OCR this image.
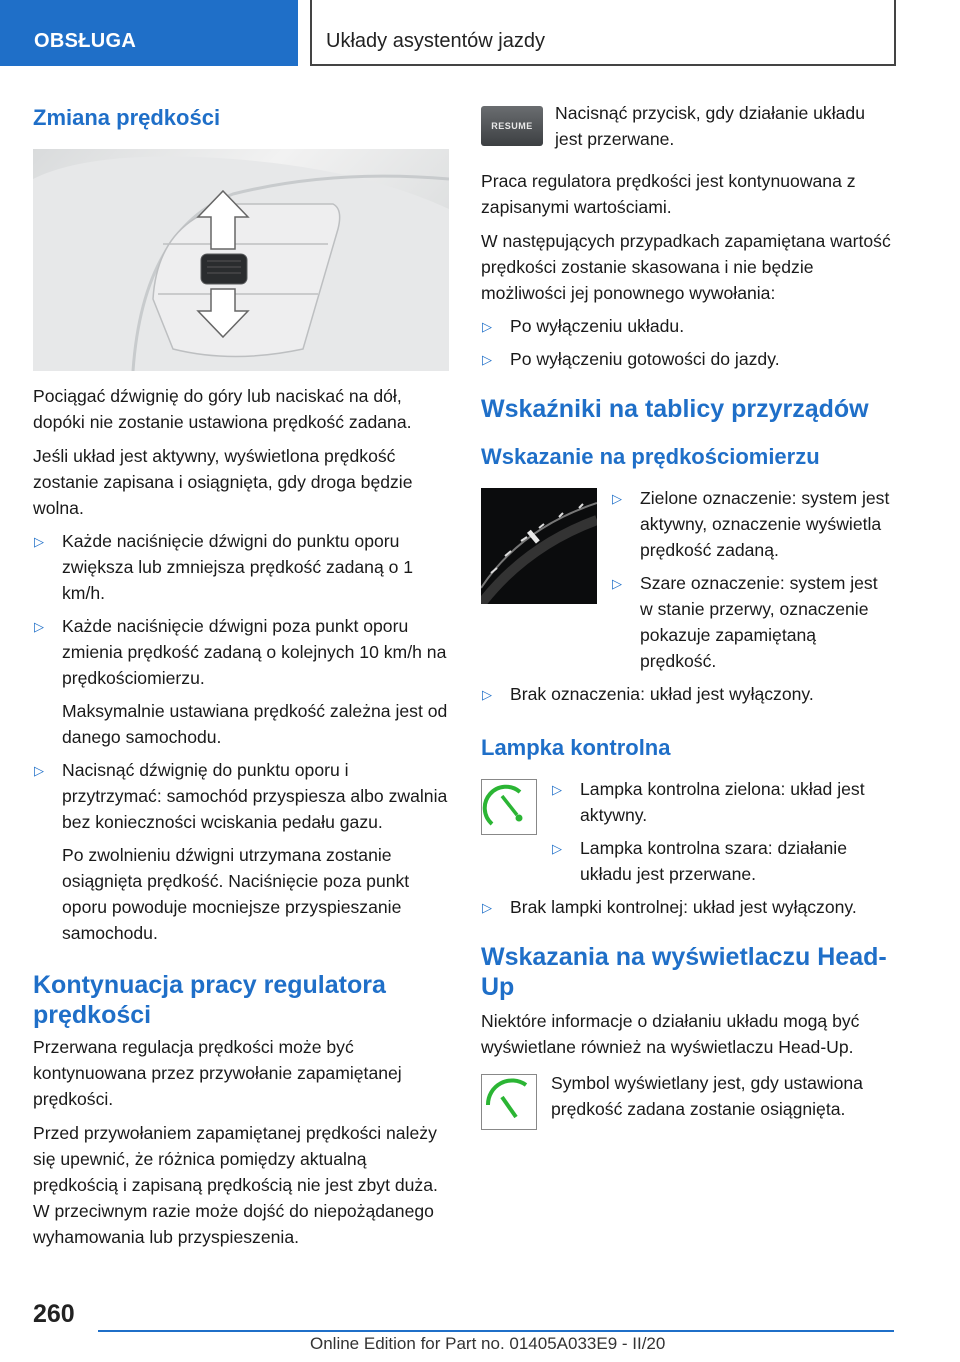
OBSŁUGA	Układy asystentów jazdy
Zmiana prędkości

Pociągać dźwignię do góry lub naciskać na dół, dopóki nie zostanie ustawiona prędkość zadana.

Jeśli układ jest aktywny, wyświetlona prędkość zostanie zapisana i osiągnięta, gdy droga będzie wolna.

▷ Każde naciśnięcie dźwigni do punktu oporu zwiększa lub zmniejsza prędkość zadaną o 1 km/h.
▷ Każde naciśnięcie dźwigni poza punkt oporu zmienia prędkość zadaną o kolejnych 10 km/h na prędkościomierzu.
Maksymalnie ustawiana prędkość zależna jest od danego samochodu.
▷ Nacisnąć dźwignię do punktu oporu i przytrzymać: samochód przyspiesza albo zwalnia bez konieczności wciskania pedału gazu.
Po zwolnieniu dźwigni utrzymana zostanie osiągnięta prędkość. Naciśnięcie poza punkt oporu powoduje mocniejsze przyspieszanie samochodu.
Kontynuacja pracy regulatora prędkości

Przerwana regulacja prędkości może być kontynuowana przez przywołanie zapamiętanej prędkości.

Przed przywołaniem zapamiętanej prędkości należy się upewnić, że różnica pomiędzy aktualną prędkością i zapisaną prędkością nie jest zbyt duża. W przeciwnym razie może dojść do niepożądanego wyhamowania lub przyspieszenia.

RESUME

Nacisnąć przycisk, gdy działanie układu jest przerwane.

Praca regulatora prędkości jest kontynuowana z zapisanymi wartościami.

W następujących przypadkach zapamiętana wartość prędkości zostanie skasowana i nie będzie możliwości jej ponownego wywołania:

▷ Po wyłączeniu układu.
▷ Po wyłączeniu gotowości do jazdy.
Wskaźniki na tablicy przyrządów
Wskazanie na prędkościomierzu
▷ Zielone oznaczenie: system jest aktywny, oznaczenie wyświetla prędkość zadaną.
▷ Szare oznaczenie: system jest w stanie przerwy, oznaczenie pokazuje zapamiętaną prędkość.
▷ Brak oznaczenia: układ jest wyłączony.
Lampka kontrolna
▷ Lampka kontrolna zielona: układ jest aktywny.
▷ Lampka kontrolna szara: działanie układu jest przerwane.
▷ Brak lampki kontrolnej: układ jest wyłączony.
Wskazania na wyświetlaczu Head-Up

Niektóre informacje o działaniu układu mogą być wyświetlane również na wyświetlaczu Head-Up.

Symbol wyświetlany jest, gdy ustawiona prędkość zadana zostanie osiągnięta.

260
Online Edition for Part no. 01405A033E9 - II/20
